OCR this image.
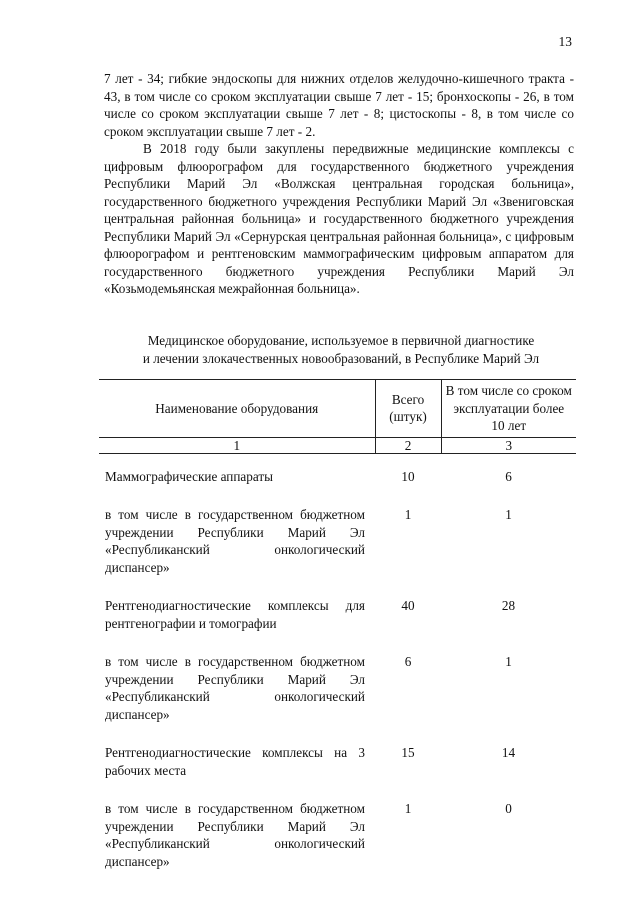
13

7 лет - 34; гибкие эндоскопы для нижних отделов желудочно-кишечного тракта - 43, в том числе со сроком эксплуатации свыше 7 лет - 15; бронхоскопы - 26, в том числе со сроком эксплуатации свыше 7 лет - 8; цистоскопы - 8, в том числе со сроком эксплуатации свыше 7 лет - 2.

В 2018 году были закуплены передвижные медицинские комплексы с цифровым флюорографом для государственного бюджетного учреждения Республики Марий Эл «Волжская центральная городская больница», государственного бюджетного учреждения Республики Марий Эл «Звениговская центральная районная больница» и государственного бюджетного учреждения Республики Марий Эл «Сернурская центральная районная больница», с цифровым флюорографом и рентгеновским маммографическим цифровым аппаратом для государственного бюджетного учреждения Республики Марий Эл «Козьмодемьянская межрайонная больница».

Медицинское оборудование, используемое в первичной диагностике
и лечении злокачественных новообразований, в Республике Марий Эл
Наименование оборудования	Всего (штук)	В том числе со сроком эксплуатации более 10 лет
1	2	3

Маммографические аппараты	10	6
в том числе в государственном бюджетном учреждении Республики Марий Эл «Республиканский онкологический диспансер»	1	1
Рентгенодиагностические комплексы для рентгенографии и томографии	40	28
в том числе в государственном бюджетном учреждении Республики Марий Эл «Республиканский онкологический диспансер»	6	1
Рентгенодиагностические комплексы на 3 рабочих места	15	14
в том числе в государственном бюджетном учреждении Республики Марий Эл «Республиканский онкологический диспансер»	1	0
